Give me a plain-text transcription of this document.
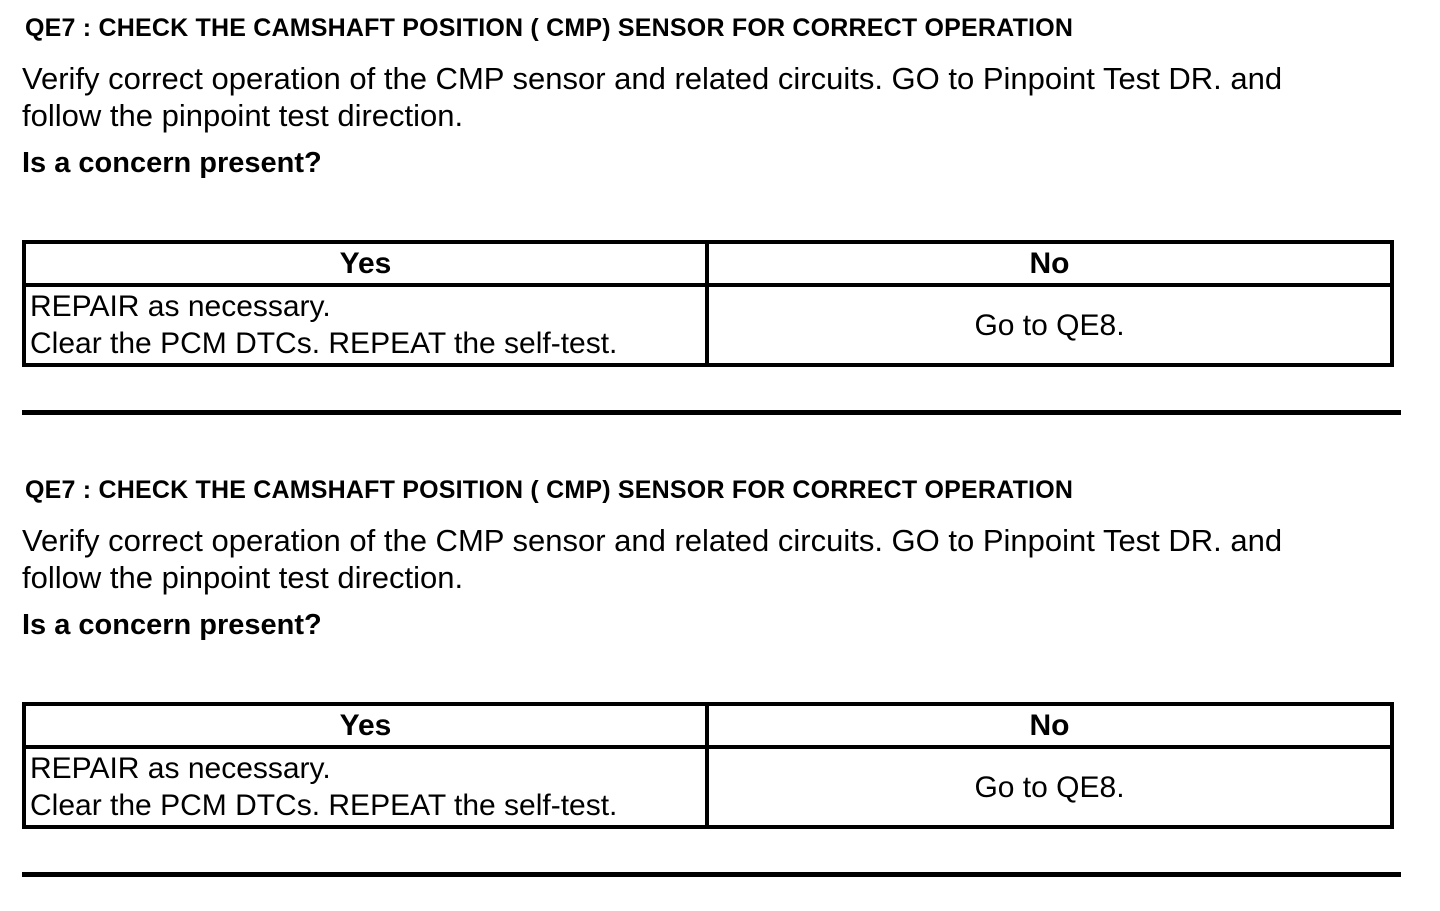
QE7 : CHECK THE CAMSHAFT POSITION ( CMP) SENSOR FOR CORRECT OPERATION
Verify correct operation of the CMP sensor and related circuits. GO to Pinpoint Test DR. and
follow the pinpoint test direction.
Is a concern present?
Yes	No

REPAIR as necessary.
Clear the PCM DTCs. REPEAT the self-test.	Go to QE8.
QE7 : CHECK THE CAMSHAFT POSITION ( CMP) SENSOR FOR CORRECT OPERATION
Verify correct operation of the CMP sensor and related circuits. GO to Pinpoint Test DR. and
follow the pinpoint test direction.
Is a concern present?
Yes	No

REPAIR as necessary.
Clear the PCM DTCs. REPEAT the self-test.	Go to QE8.
